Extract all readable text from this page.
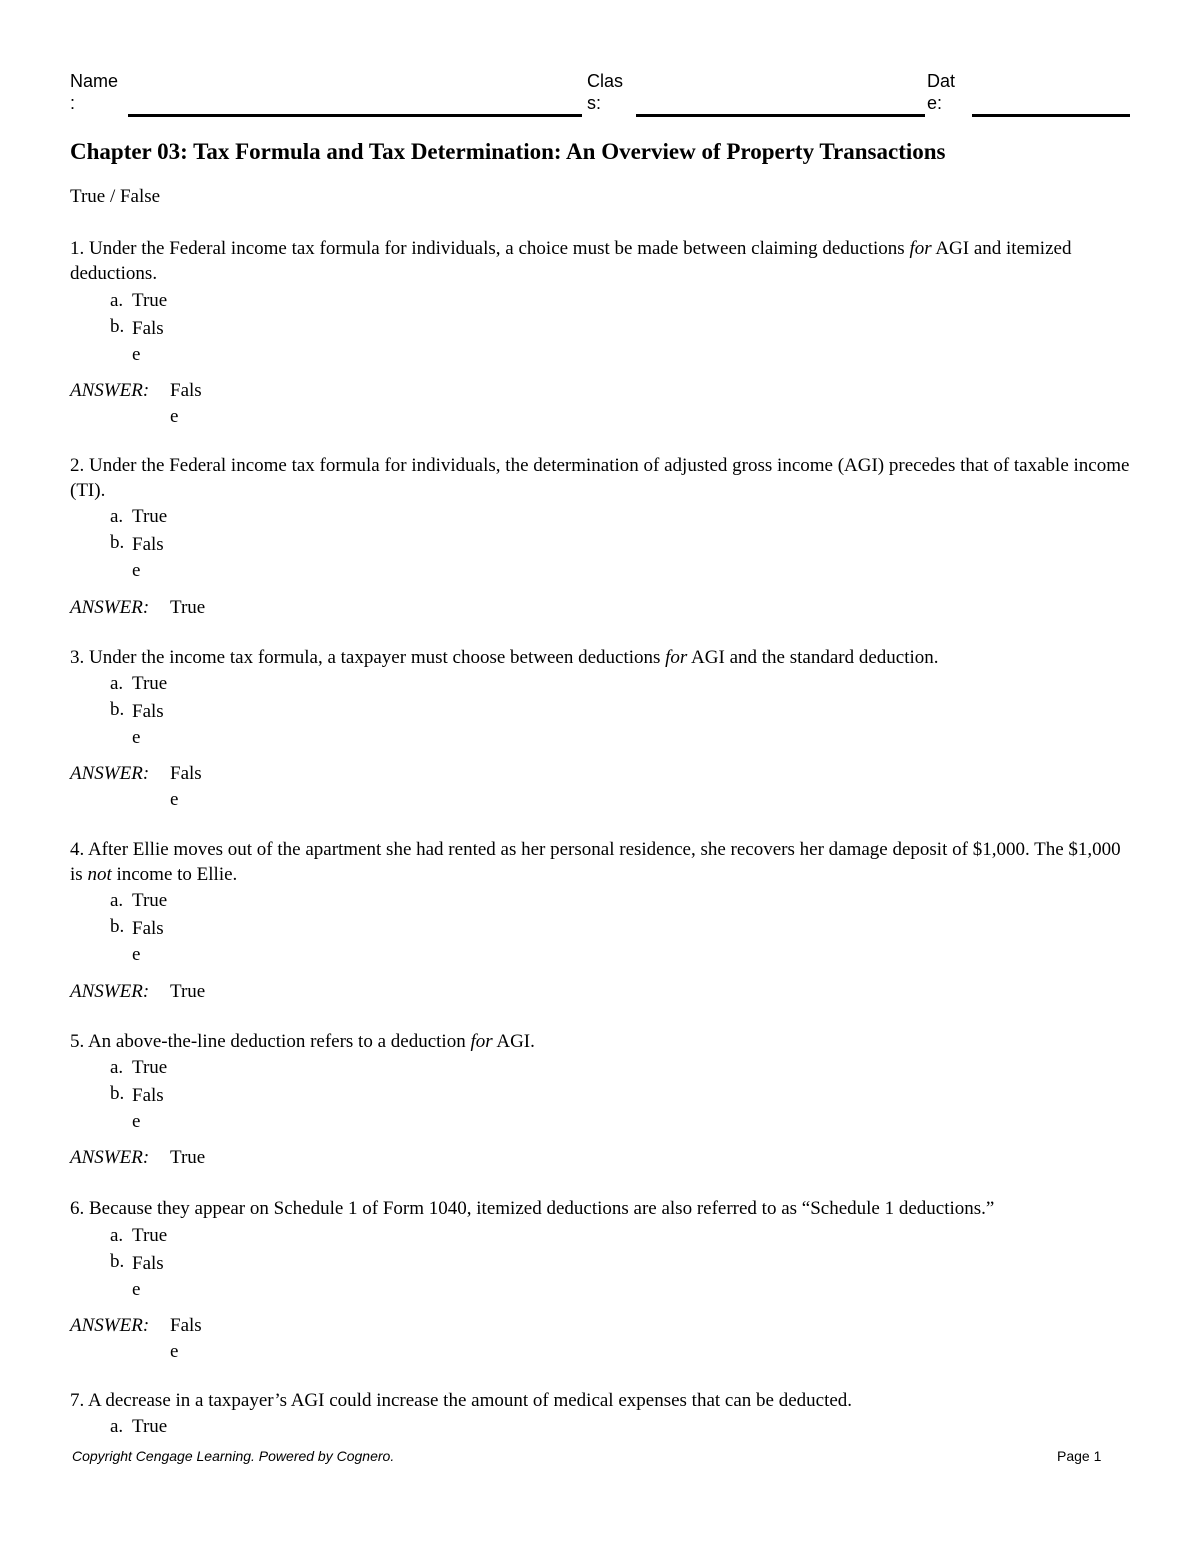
Name
:
Clas
s:
Dat
e:
Chapter 03: Tax Formula and Tax Determination: An Overview of Property Transactions
True / False

1. Under the Federal income tax formula for individuals, a choice must be made between claiming deductions for AGI and itemized deductions.

a. True
b. Fals
e
ANSWER: Fals
e

2. Under the Federal income tax formula for individuals, the determination of adjusted gross income (AGI) precedes that of taxable income (TI).

a. True
b. Fals
e
ANSWER: True

3. Under the income tax formula, a taxpayer must choose between deductions for AGI and the standard deduction.

a. True
b. Fals
e
ANSWER: Fals
e

4. After Ellie moves out of the apartment she had rented as her personal residence, she recovers her damage deposit of $1,000. The $1,000 is not income to Ellie.

a. True
b. Fals
e
ANSWER: True

5. An above-the-line deduction refers to a deduction for AGI.

a. True
b. Fals
e
ANSWER: True

6. Because they appear on Schedule 1 of Form 1040, itemized deductions are also referred to as “Schedule 1 deductions.”

a. True
b. Fals
e
ANSWER: Fals
e

7. A decrease in a taxpayer’s AGI could increase the amount of medical expenses that can be deducted.

a. True
Copyright Cengage Learning. Powered by Cognero.	Page 1
